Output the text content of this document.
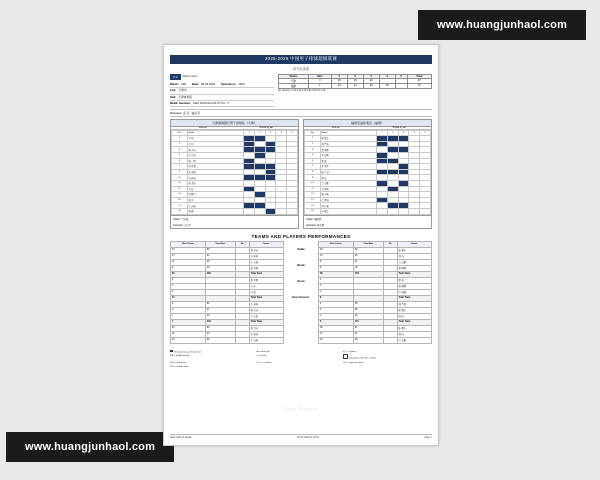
www.huangjunhaol.com
www.huangjunhaol.com
2025-2026 中国男子排球超级联赛
官方记录表
P-2	Match result
Match: A65 Date: 05.03.2026 Spectators: 1100
City: 天津市
Hall: 天津体育馆
Match duration: Start 19:00 End 20:47 Tot :<?
Teams	Sets	1	2	3	4	5	Total
天津	3	25	25	22			97
福建	1	15	14	25	18		72
Set duration: 0:23 0:22 0:25 0:26 0:00 Tot 1:36
Referees: 孟 乔 , 曲必芳
天津渤海银行男子排球队（天津）
Line-up	Points by set
No.	Name	1	2	3	4	5
1	李 铭					
2	王 径					
3	刘 力宾					
5	王 东宸					
6	杨 一鸣					
7	张 哲嘉					
9	孙 光明					
10	李 岩岩					
11	陈 龙海					
12	王 磊					
14	张 鹏飞					
16	刘 洋					
17	于 垚辰					
18	杨 帆					
Coach: 王宝泉
Assistant: 李小平
福建安溪铁观音（福建）
Line-up	Points by set
No.	Name	1	2	3	4	5
1	陈 嘉杰					
2	林 昌铭					
3	黄 明辉					
4	王 瑞鑫					
6	郭 成					
7	张 冠华					
8	陈 子豪					
9	林 涛					
10	吴 志鹏					
11	李 润铭					
13	杨 家骏					
15	许 嘉睿					
16	钟 伟鑫					
18	何 俊杰					
Coach: 谢国臣
Assistant: 林志勇
TEAMS AND PLAYERS PERFORMANCES
Won Points	Total Atts	No	Name
33	58		刘 力宾
17	41		李 岩岩
12	29		于 垚辰
8	19		张 哲嘉
82	158		Total Team
6			张 哲嘉
3			王 径
2			李 铭
12			Total Team
4	66		李 岩岩
2	41		刘 力宾
1	22		王 东宸
7	133		Total Team
33	52		刘 力宾
21	43		李 岩岩
14	38		于 垚辰
Spike
Block
Serve
Best Scorers
Won Points	Total Atts	No	Name
30	62		陈 嘉杰
14	45		林 涛
9	31		吴 志鹏
6	18		黄 明辉
59	156		Total Team
4			郭 成
3			黄 明辉
1			王 瑞鑫
8			Total Team
2	59		林 昌铭
2	36		陈 嘉杰
1	20		林 涛
5	115		Total Team
30	51		陈 嘉杰
17	47		林 涛
12	33		吴 志鹏
Starting line-up with position	Ac = Aces/pts	(C) = Captain
MB = Middle blocker	S = Setter
Substitute with shirt number
Digs = Excellent	(L) = L = Libero	OP = Opposite spiker
OH = Outside hitter
Data Project
Data Volley & Media	05.03.2026 21:04:02	Page 1
